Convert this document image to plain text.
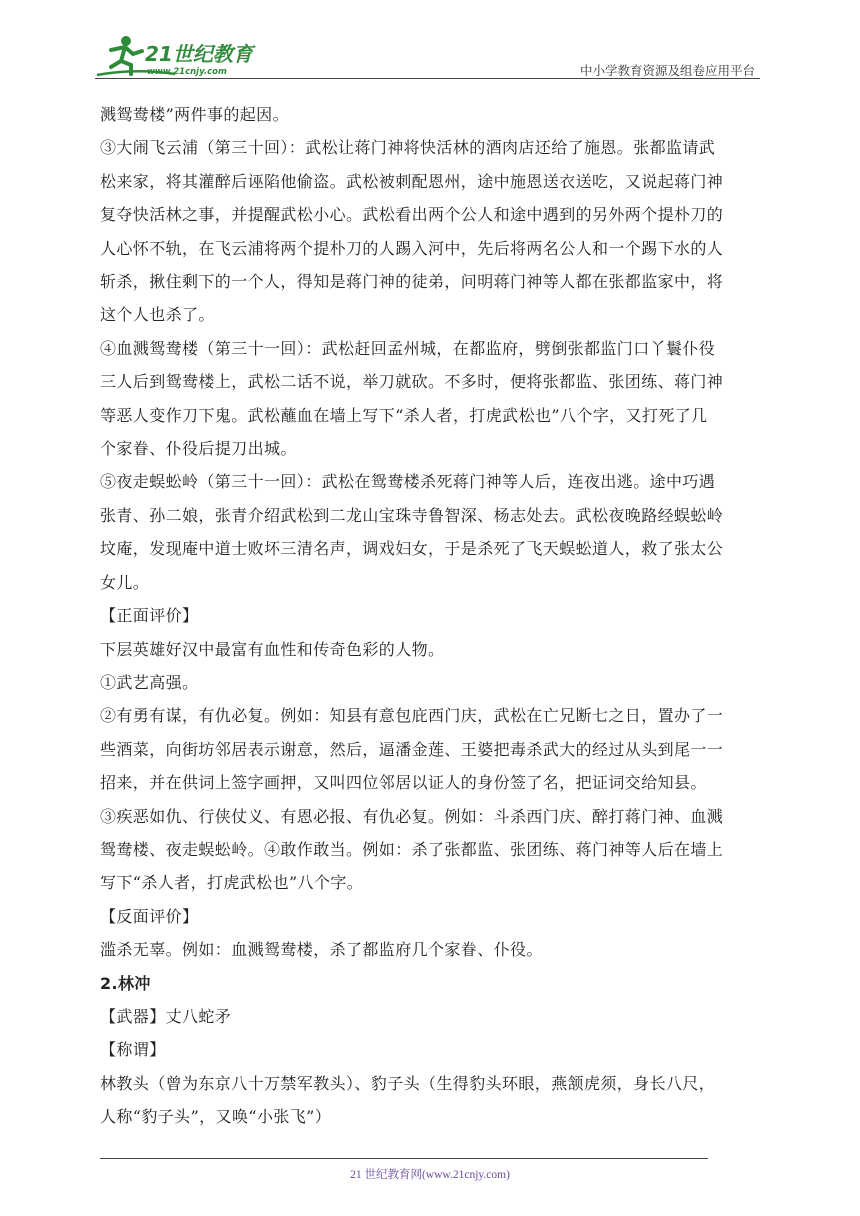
21世纪教育
www.21cnjy.com	中小学教育资源及组卷应用平台
溅鸳鸯楼”两件事的起因。
③大闹飞云浦（第三十回）：武松让蒋门神将快活林的酒肉店还给了施恩。张都监请武
松来家，将其灌醉后诬陷他偷盗。武松被刺配恩州，途中施恩送衣送吃，又说起蒋门神
复夺快活林之事，并提醒武松小心。武松看出两个公人和途中遇到的另外两个提朴刀的
人心怀不轨，在飞云浦将两个提朴刀的人踢入河中，先后将两名公人和一个踢下水的人
斩杀，揪住剩下的一个人，得知是蒋门神的徒弟，问明蒋门神等人都在张都监家中，将
这个人也杀了。
④血溅鸳鸯楼（第三十一回）：武松赶回孟州城，在都监府，劈倒张都监门口丫鬟仆役
三人后到鸳鸯楼上，武松二话不说，举刀就砍。不多时，便将张都监、张团练、蒋门神
等恶人变作刀下鬼。武松蘸血在墙上写下“杀人者，打虎武松也”八个字，又打死了几
个家眷、仆役后提刀出城。
⑤夜走蜈蚣岭（第三十一回）：武松在鸳鸯楼杀死蒋门神等人后，连夜出逃。途中巧遇
张青、孙二娘，张青介绍武松到二龙山宝珠寺鲁智深、杨志处去。武松夜晚路经蜈蚣岭
坟庵，发现庵中道士败坏三清名声，调戏妇女，于是杀死了飞天蜈蚣道人，救了张太公
女儿。
【正面评价】
下层英雄好汉中最富有血性和传奇色彩的人物。
①武艺高强。
②有勇有谋，有仇必复。例如：知县有意包庇西门庆，武松在亡兄断七之日，置办了一
些酒菜，向街坊邻居表示谢意，然后，逼潘金莲、王婆把毒杀武大的经过从头到尾一一
招来，并在供词上签字画押，又叫四位邻居以证人的身份签了名，把证词交给知县。
③疾恶如仇、行侠仗义、有恩必报、有仇必复。例如：斗杀西门庆、醉打蒋门神、血溅
鸳鸯楼、夜走蜈蚣岭。④敢作敢当。例如：杀了张都监、张团练、蒋门神等人后在墙上
写下“杀人者，打虎武松也”八个字。
【反面评价】
滥杀无辜。例如：血溅鸳鸯楼，杀了都监府几个家眷、仆役。
2.林冲
【武器】丈八蛇矛
【称谓】
林教头（曾为东京八十万禁军教头）、豹子头（生得豹头环眼，燕颔虎须，身长八尺，
人称“豹子头”，又唤“小张飞”）
21 世纪教育网(www.21cnjy.com)
